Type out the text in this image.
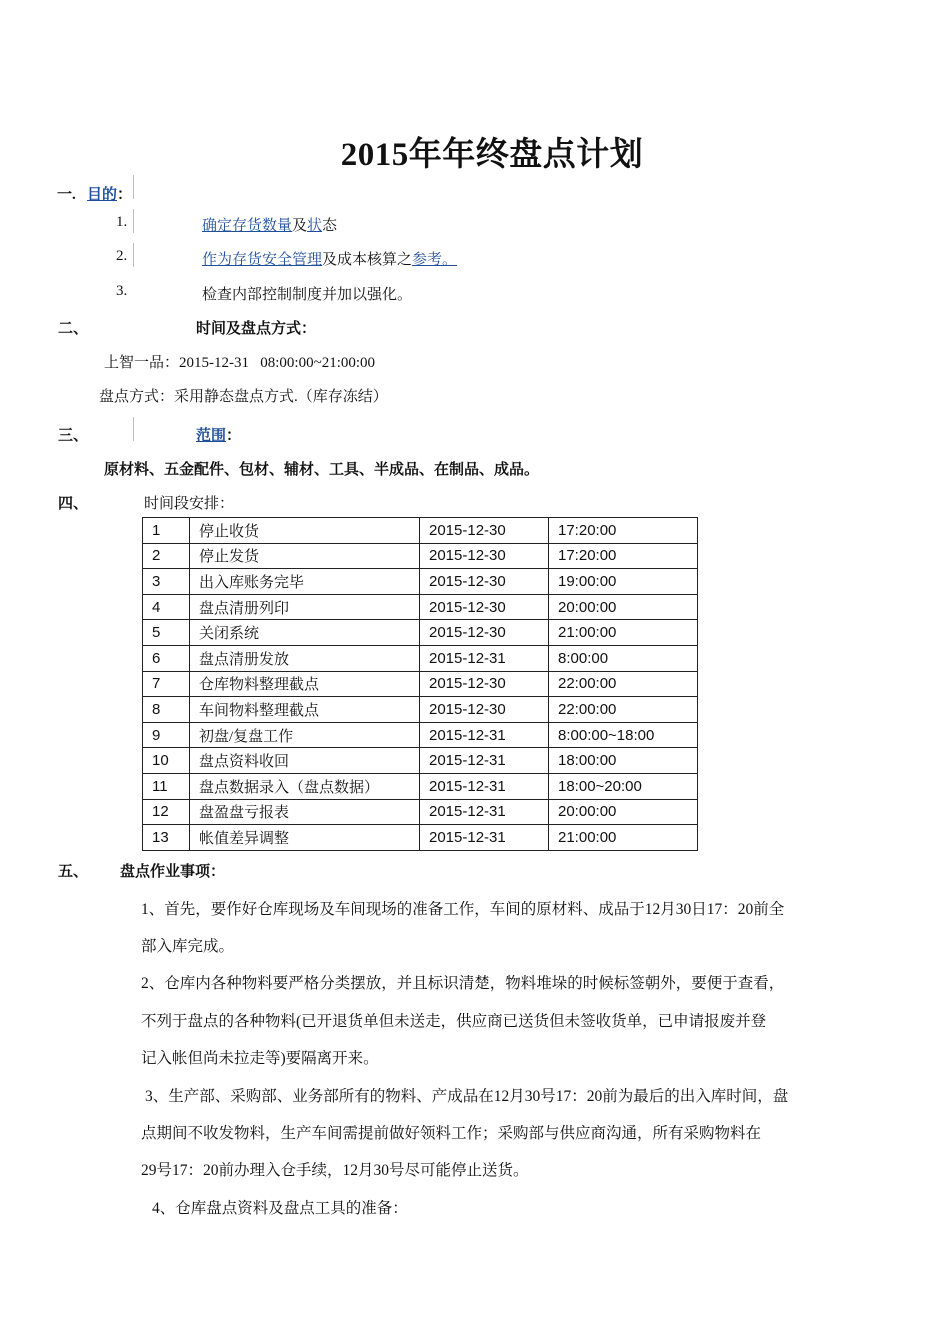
2015年年终盘点计划
一. 目的：
1.	确定存货数量及状态
2.	作为存货安全管理及成本核算之参考。
3.	检查内部控制制度并加以强化。
二、	时间及盘点方式：
上智一品：2015-12-31 08:00:00~21:00:00
盘点方式：采用静态盘点方式.（库存冻结）
三、	范围：
原材料、五金配件、包材、辅材、工具、半成品、在制品、成品。
四、	时间段安排：
1	停止收货	2015-12-30	17:20:00
2	停止发货	2015-12-30	17:20:00
3	出入库账务完毕	2015-12-30	19:00:00
4	盘点清册列印	2015-12-30	20:00:00
5	关闭系统	2015-12-30	21:00:00
6	盘点清册发放	2015-12-31	8:00:00
7	仓库物料整理截点	2015-12-30	22:00:00
8	车间物料整理截点	2015-12-30	22:00:00
9	初盘/复盘工作	2015-12-31	8:00:00~18:00
10	盘点资料收回	2015-12-31	18:00:00
11	盘点数据录入（盘点数据）	2015-12-31	18:00~20:00
12	盘盈盘亏报表	2015-12-31	20:00:00
13	帐值差异调整	2015-12-31	21:00:00
五、 盘点作业事项：
1、首先，要作好仓库现场及车间现场的准备工作，车间的原材料、成品于12月30日17：20前全
部入库完成。
2、仓库内各种物料要严格分类摆放，并且标识清楚，物料堆垛的时候标签朝外，要便于查看，
不列于盘点的各种物料(已开退货单但未送走，供应商已送货但未签收货单，已申请报废并登
记入帐但尚未拉走等)要隔离开来。
3、生产部、采购部、业务部所有的物料、产成品在12月30号17：20前为最后的出入库时间，盘
点期间不收发物料，生产车间需提前做好领料工作；采购部与供应商沟通，所有采购物料在
29号17：20前办理入仓手续，12月30号尽可能停止送货。
4、仓库盘点资料及盘点工具的准备：
